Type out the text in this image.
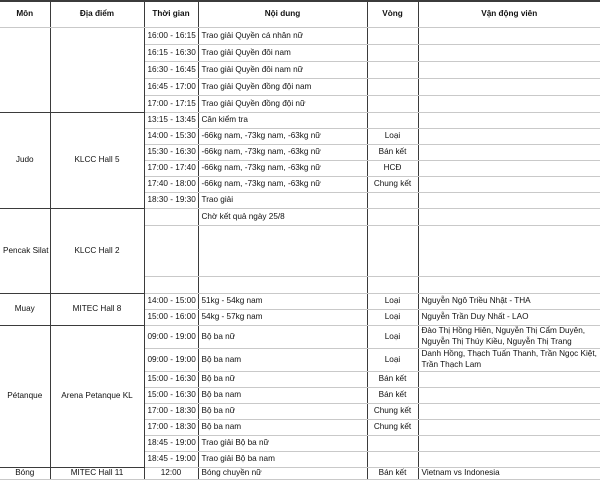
Môn	Địa điểm	Thời gian	Nội dung	Vòng	Vận động viên
		16:00 - 16:15	Trao giải Quyền cá nhân nữ		
		16:15 - 16:30	Trao giải Quyền đôi nam		
		16:30 - 16:45	Trao giải Quyền đôi nam nữ		
		16:45 - 17:00	Trao giải Quyền đồng đội nam		
		17:00 - 17:15	Trao giải Quyền đồng đội nữ		
Judo	KLCC Hall 5	13:15 - 13:45	Cân kiểm tra		
		14:00 - 15:30	-66kg nam, -73kg nam, -63kg nữ	Loại	
		15:30 - 16:30	-66kg nam, -73kg nam, -63kg nữ	Bán kết	
		17:00 - 17:40	-66kg nam, -73kg nam, -63kg nữ	HCĐ	
		17:40 - 18:00	-66kg nam, -73kg nam, -63kg nữ	Chung kết	
		18:30 - 19:30	Trao giải		
Pencak Silat	KLCC Hall 2		Chờ kết quả ngày 25/8		

Muay	MITEC Hall 8	14:00 - 15:00	51kg - 54kg nam	Loại	Nguyễn Ngô Triều Nhật - THA
		15:00 - 16:00	54kg - 57kg nam	Loại	Nguyễn Trần Duy Nhất - LAO
Pétanque	Arena Petanque KL	09:00 - 19:00	Bộ ba nữ	Loại	Đào Thị Hồng Hiên, Nguyễn Thị Cẩm Duyên, Nguyễn Thị Thúy Kiều, Nguyễn Thị Trang
		09:00 - 19:00	Bộ ba nam	Loại	Danh Hồng, Thạch Tuấn Thanh, Trần Ngọc Kiệt, Trần Thạch Lam
		15:00 - 16:30	Bộ ba nữ	Bán kết	
		15:00 - 16:30	Bộ ba nam	Bán kết	
		17:00 - 18:30	Bộ ba nữ	Chung kết	
		17:00 - 18:30	Bộ ba nam	Chung kết	
		18:45 - 19:00	Trao giải Bộ ba nữ		
		18:45 - 19:00	Trao giải Bộ ba nam		
Bóng	MITEC Hall 11	12:00	Bóng chuyền nữ	Bán kết	Vietnam vs Indonesia
